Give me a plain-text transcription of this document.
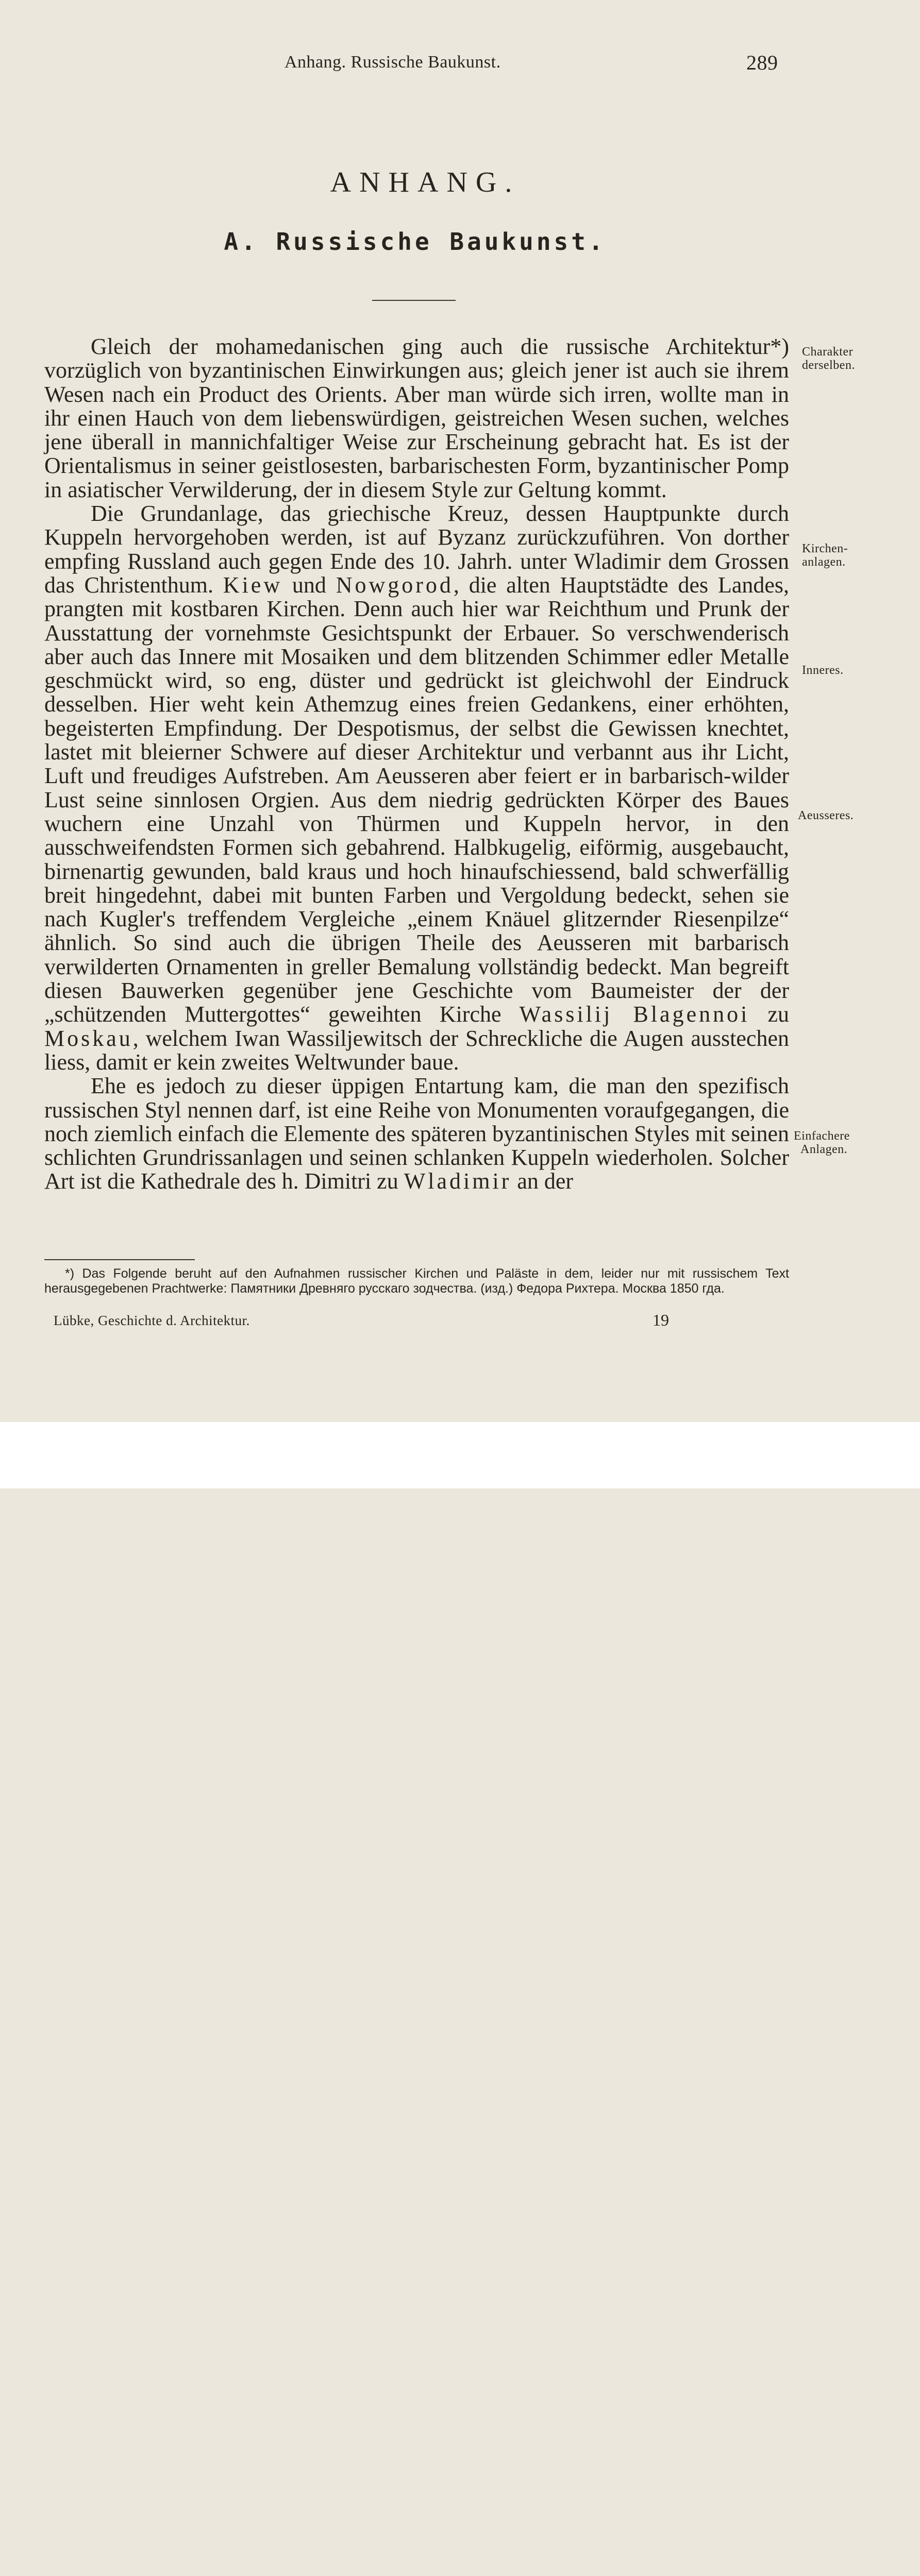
Anhang. Russische Baukunst.	289
ANHANG.
A. Russische Baukunst.

Gleich der mohamedanischen ging auch die russische Architektur*) vorzüglich von byzantinischen Einwirkungen aus; gleich jener ist auch sie ihrem Wesen nach ein Product des Orients. Aber man würde sich irren, wollte man in ihr einen Hauch von dem liebenswürdigen, geistreichen Wesen suchen, welches jene überall in mannichfaltiger Weise zur Erscheinung gebracht hat. Es ist der Orientalismus in seiner geistlosesten, barbarischesten Form, byzantinischer Pomp in asiatischer Verwilderung, der in diesem Style zur Geltung kommt.

Die Grundanlage, das griechische Kreuz, dessen Hauptpunkte durch Kuppeln hervorgehoben werden, ist auf Byzanz zurückzuführen. Von dorther empfing Russland auch gegen Ende des 10. Jahrh. unter Wladimir dem Grossen das Christenthum. Kiew und Nowgorod, die alten Hauptstädte des Landes, prangten mit kostbaren Kirchen. Denn auch hier war Reichthum und Prunk der Ausstattung der vornehmste Gesichtspunkt der Erbauer. So verschwenderisch aber auch das Innere mit Mosaiken und dem blitzenden Schimmer edler Metalle geschmückt wird, so eng, düster und gedrückt ist gleichwohl der Eindruck desselben. Hier weht kein Athemzug eines freien Gedankens, einer erhöhten, begeisterten Empfindung. Der Despotismus, der selbst die Gewissen knechtet, lastet mit bleierner Schwere auf dieser Architektur und verbannt aus ihr Licht, Luft und freudiges Aufstreben. Am Aeusseren aber feiert er in barbarisch-wilder Lust seine sinnlosen Orgien. Aus dem niedrig gedrückten Körper des Baues wuchern eine Unzahl von Thürmen und Kuppeln hervor, in den ausschweifendsten Formen sich gebahrend. Halbkugelig, eiförmig, ausgebaucht, birnenartig gewunden, bald kraus und hoch hinaufschiessend, bald schwerfällig breit hingedehnt, dabei mit bunten Farben und Vergoldung bedeckt, sehen sie nach Kugler's treffendem Vergleiche „einem Knäuel glitzernder Riesenpilze“ ähnlich. So sind auch die übrigen Theile des Aeusseren mit barbarisch verwilderten Ornamenten in greller Bemalung vollständig bedeckt. Man begreift diesen Bauwerken gegenüber jene Geschichte vom Baumeister der der „schützenden Muttergottes“ geweihten Kirche Wassilij Blagennoi zu Moskau, welchem Iwan Wassiljewitsch der Schreckliche die Augen ausstechen liess, damit er kein zweites Weltwunder baue.

Ehe es jedoch zu dieser üppigen Entartung kam, die man den spezifisch russischen Styl nennen darf, ist eine Reihe von Monumenten voraufgegangen, die noch ziemlich einfach die Elemente des späteren byzantinischen Styles mit seinen schlichten Grundrissanlagen und seinen schlanken Kuppeln wiederholen. Solcher Art ist die Kathedrale des h. Dimitri zu Wladimir an der

Charakter
derselben.
Kirchen-
anlagen.
Inneres.
Aeusseres.
Einfachere
Anlagen.
*) Das Folgende beruht auf den Aufnahmen russischer Kirchen und Paläste in dem, leider nur mit russischem Text herausgegebenen Prachtwerke: Памятники Древняго русскаго зодчества. (изд.) Федора Рихтера. Москва 1850 гда.
Lübke, Geschichte d. Architektur.	19
